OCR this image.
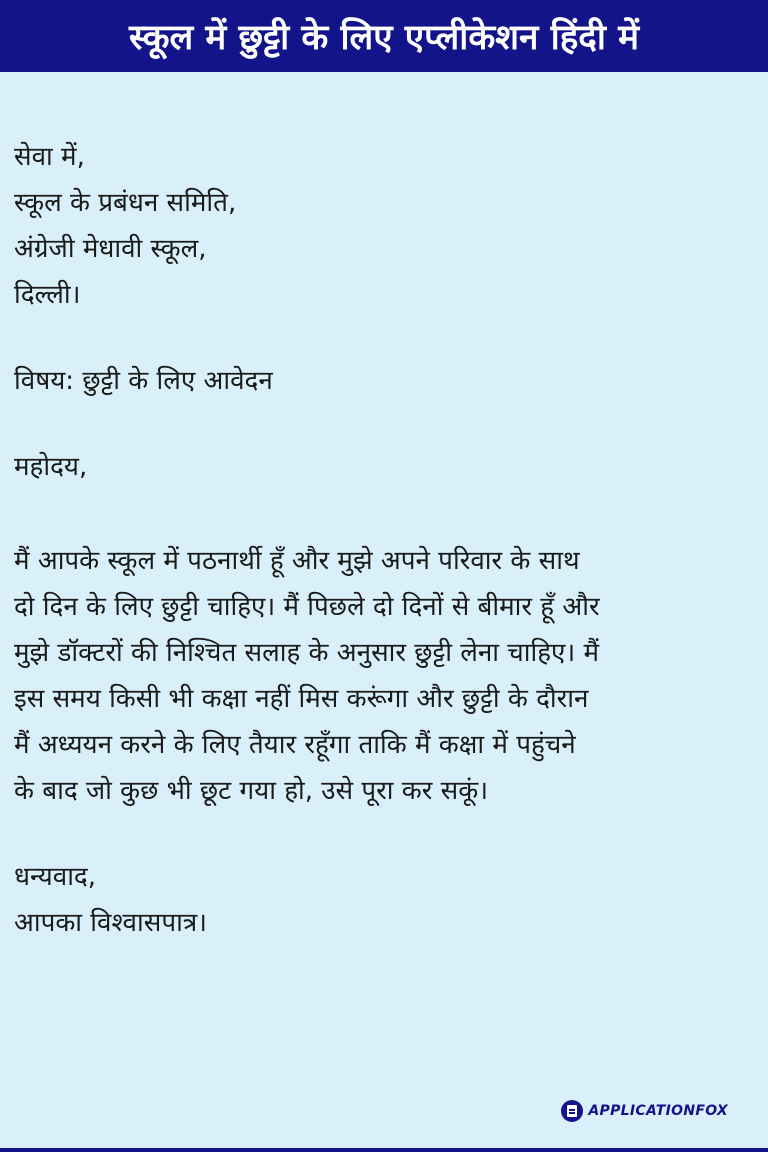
स्कूल में छुट्टी के लिए एप्लीकेशन हिंदी में
सेवा में,
स्कूल के प्रबंधन समिति,
अंग्रेजी मेधावी स्कूल,
दिल्ली।
विषय: छुट्टी के लिए आवेदन
महोदय,
मैं आपके स्कूल में पठनार्थी हूँ और मुझे अपने परिवार के साथ
दो दिन के लिए छुट्टी चाहिए। मैं पिछले दो दिनों से बीमार हूँ और
मुझे डॉक्टरों की निश्चित सलाह के अनुसार छुट्टी लेना चाहिए। मैं
इस समय किसी भी कक्षा नहीं मिस करूंगा और छुट्टी के दौरान
मैं अध्ययन करने के लिए तैयार रहूँगा ताकि मैं कक्षा में पहुंचने
के बाद जो कुछ भी छूट गया हो, उसे पूरा कर सकूं।
धन्यवाद,
आपका विश्वासपात्र।
APPLICATIONFOX
